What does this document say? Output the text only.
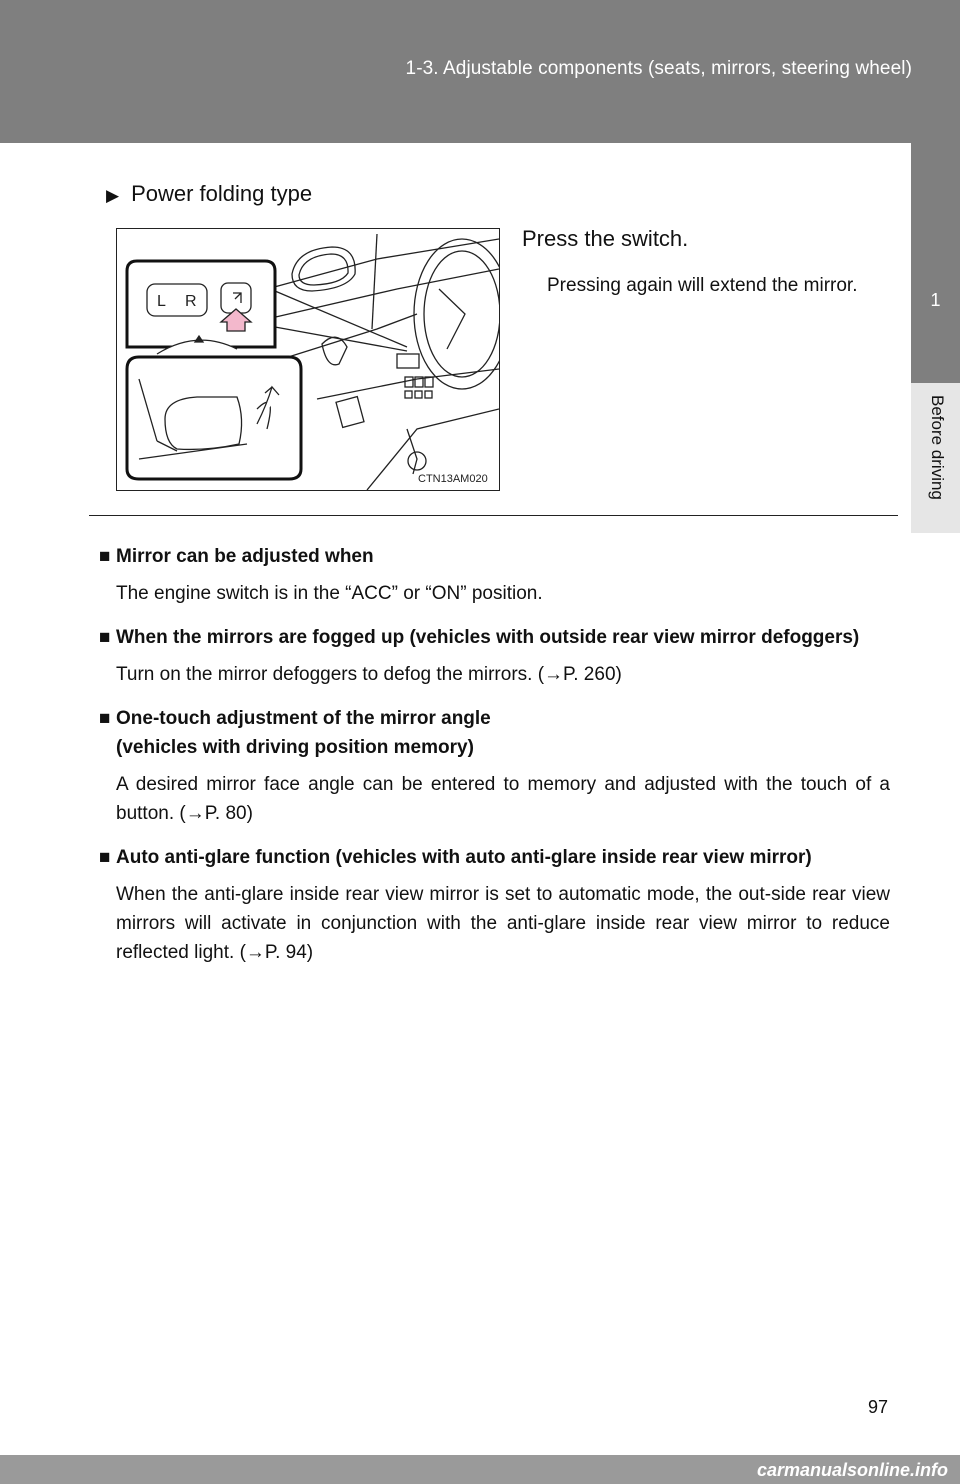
1-3. Adjustable components (seats, mirrors, steering wheel)
1
Before driving
▶ Power folding type
L R
CTN13AM020
Press the switch.
Pressing again will extend the mirror.
■ Mirror can be adjusted when
The engine switch is in the “ACC” or “ON” position.
■ When the mirrors are fogged up (vehicles with outside rear view mirror defoggers)
Turn on the mirror defoggers to defog the mirrors. (→P. 260)
■ One-touch adjustment of the mirror angle
(vehicles with driving position memory)
A desired mirror face angle can be entered to memory and adjusted with the touch of a button. (→P. 80)
■ Auto anti-glare function (vehicles with auto anti-glare inside rear view mirror)
When the anti-glare inside rear view mirror is set to automatic mode, the out-side rear view mirrors will activate in conjunction with the anti-glare inside rear view mirror to reduce reflected light. (→P. 94)
97
carmanualsonline.info
